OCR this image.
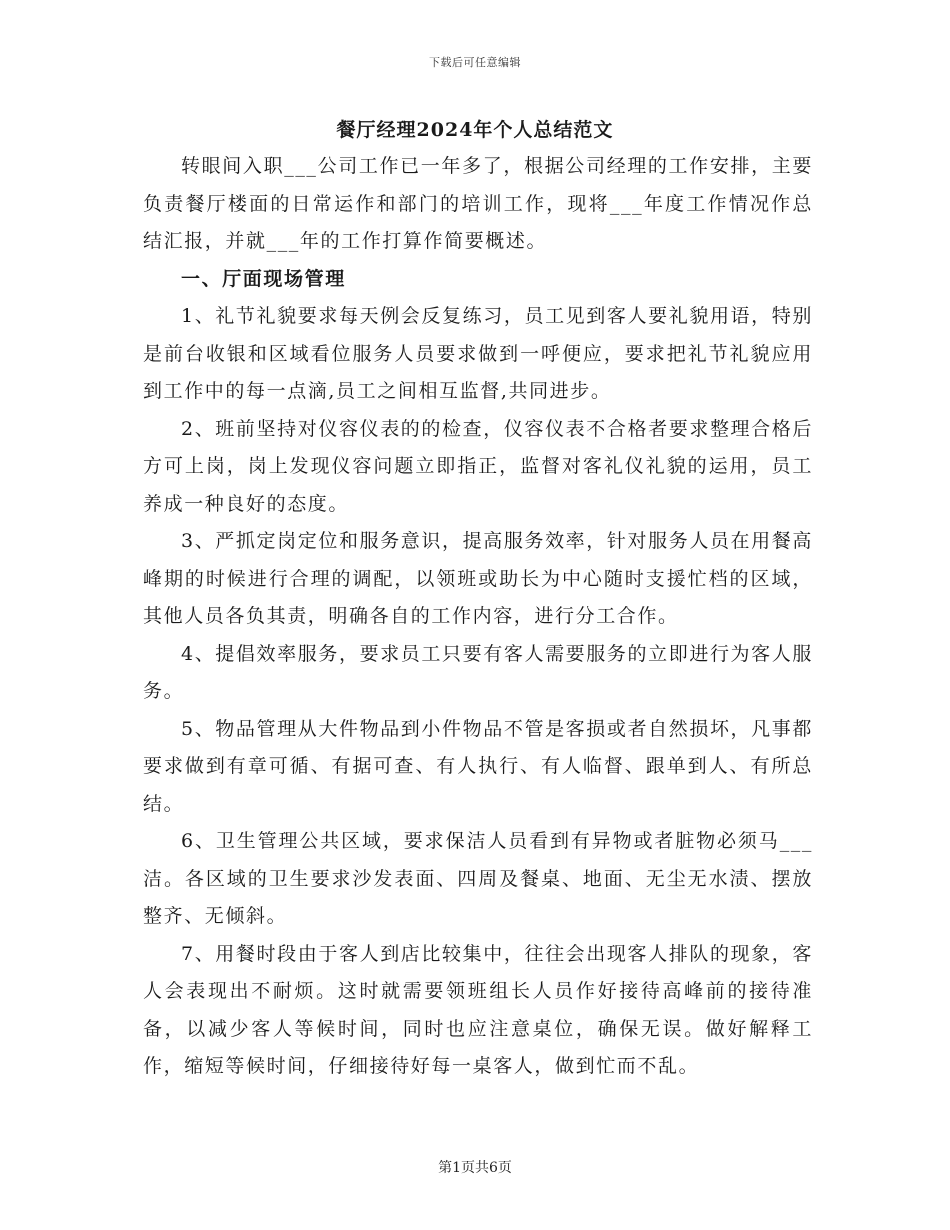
下载后可任意编辑
餐厅经理2024年个人总结范文

转眼间入职___公司工作已一年多了，根据公司经理的工作安排，主要负责餐厅楼面的日常运作和部门的培训工作，现将___年度工作情况作总结汇报，并就___年的工作打算作简要概述。

一、厅面现场管理

1、礼节礼貌要求每天例会反复练习，员工见到客人要礼貌用语，特别是前台收银和区域看位服务人员要求做到一呼便应，要求把礼节礼貌应用到工作中的每一点滴,员工之间相互监督,共同进步。

2、班前坚持对仪容仪表的的检查，仪容仪表不合格者要求整理合格后方可上岗，岗上发现仪容问题立即指正，监督对客礼仪礼貌的运用，员工养成一种良好的态度。

3、严抓定岗定位和服务意识，提高服务效率，针对服务人员在用餐高峰期的时候进行合理的调配，以领班或助长为中心随时支援忙档的区域，其他人员各负其责，明确各自的工作内容，进行分工合作。

4、提倡效率服务，要求员工只要有客人需要服务的立即进行为客人服务。

5、物品管理从大件物品到小件物品不管是客损或者自然损坏，凡事都要求做到有章可循、有据可查、有人执行、有人临督、跟单到人、有所总结。

6、卫生管理公共区域，要求保洁人员看到有异物或者脏物必须马___洁。各区域的卫生要求沙发表面、四周及餐桌、地面、无尘无水渍、摆放整齐、无倾斜。

7、用餐时段由于客人到店比较集中，往往会出现客人排队的现象，客人会表现出不耐烦。这时就需要领班组长人员作好接待高峰前的接待准备，以减少客人等候时间，同时也应注意桌位，确保无误。做好解释工作，缩短等候时间，仔细接待好每一桌客人，做到忙而不乱。

第1页共6页
